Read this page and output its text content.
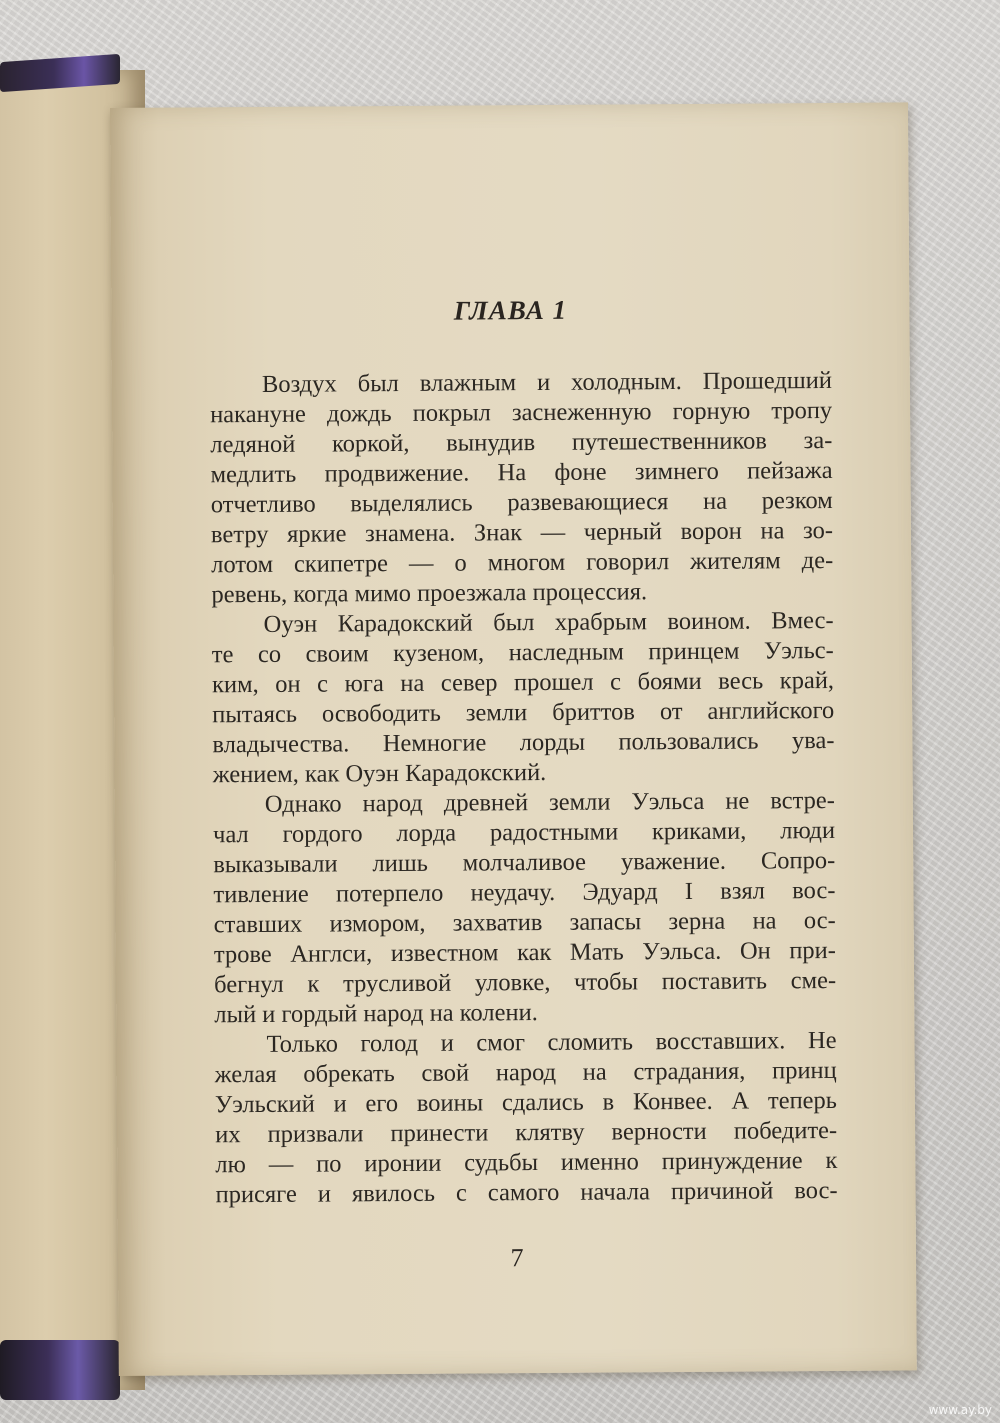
ГЛАВА 1
Воздух был влажным и холодным. Прошедший
накануне дождь покрыл заснеженную горную тропу
ледяной коркой, вынудив путешественников за-
медлить продвижение. На фоне зимнего пейзажа
отчетливо выделялись развевающиеся на резком
ветру яркие знамена. Знак — черный ворон на зо-
лотом скипетре — о многом говорил жителям де-
ревень, когда мимо проезжала процессия.
Оуэн Карадокский был храбрым воином. Вмес-
те со своим кузеном, наследным принцем Уэльс-
ким, он с юга на север прошел с боями весь край,
пытаясь освободить земли бриттов от английского
владычества. Немногие лорды пользовались ува-
жением, как Оуэн Карадокский.
Однако народ древней земли Уэльса не встре-
чал гордого лорда радостными криками, люди
выказывали лишь молчаливое уважение. Сопро-
тивление потерпело неудачу. Эдуард I взял вос-
ставших измором, захватив запасы зерна на ос-
трове Англси, известном как Мать Уэльса. Он при-
бегнул к трусливой уловке, чтобы поставить сме-
лый и гордый народ на колени.
Только голод и смог сломить восставших. Не
желая обрекать свой народ на страдания, принц
Уэльский и его воины сдались в Конвее. А теперь
их призвали принести клятву верности победите-
лю — по иронии судьбы именно принуждение к
присяге и явилось с самого начала причиной вос-
7
www.ay.by
